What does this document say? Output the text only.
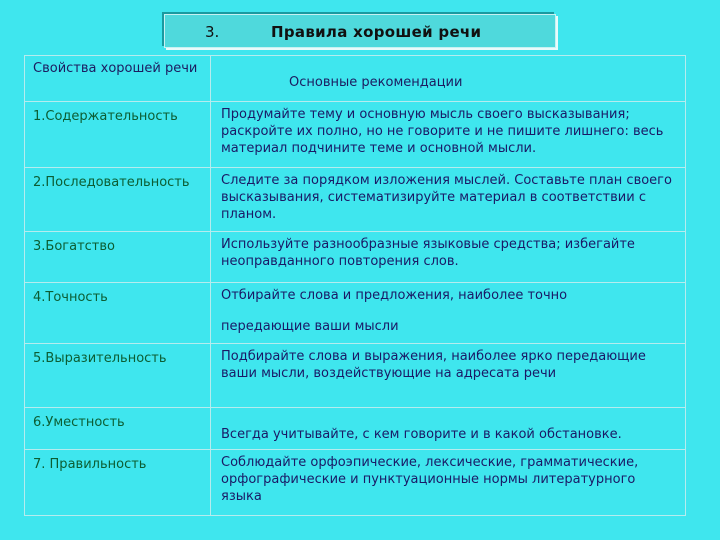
3.	Правила хорошей речи
Свойства хорошей речи	Основные рекомендации
1.Содержательность	Продумайте тему и основную мысль своего высказывания; раскройте их полно, но не говорите и не пишите лишнего: весь материал подчините теме и основной мысли.
2.Последовательность	Следите за порядком изложения мыслей. Составьте план своего высказывания, систематизируйте материал в соответствии с планом.
3.Богатство	Используйте разнообразные языковые средства; избегайте неоправданного повторения слов.
4.Точность	Отбирайте слова и предложения, наиболее точно
передающие ваши мысли

5.Выразительность	Подбирайте слова и выражения, наиболее ярко передающие ваши мысли, воздействующие на адресата речи
6.Уместность	Всегда учитывайте, с кем говорите и в какой обстановке.
7. Правильность	Соблюдайте орфоэпические, лексические, грамматические, орфографические и пунктуационные нормы литературного языка
